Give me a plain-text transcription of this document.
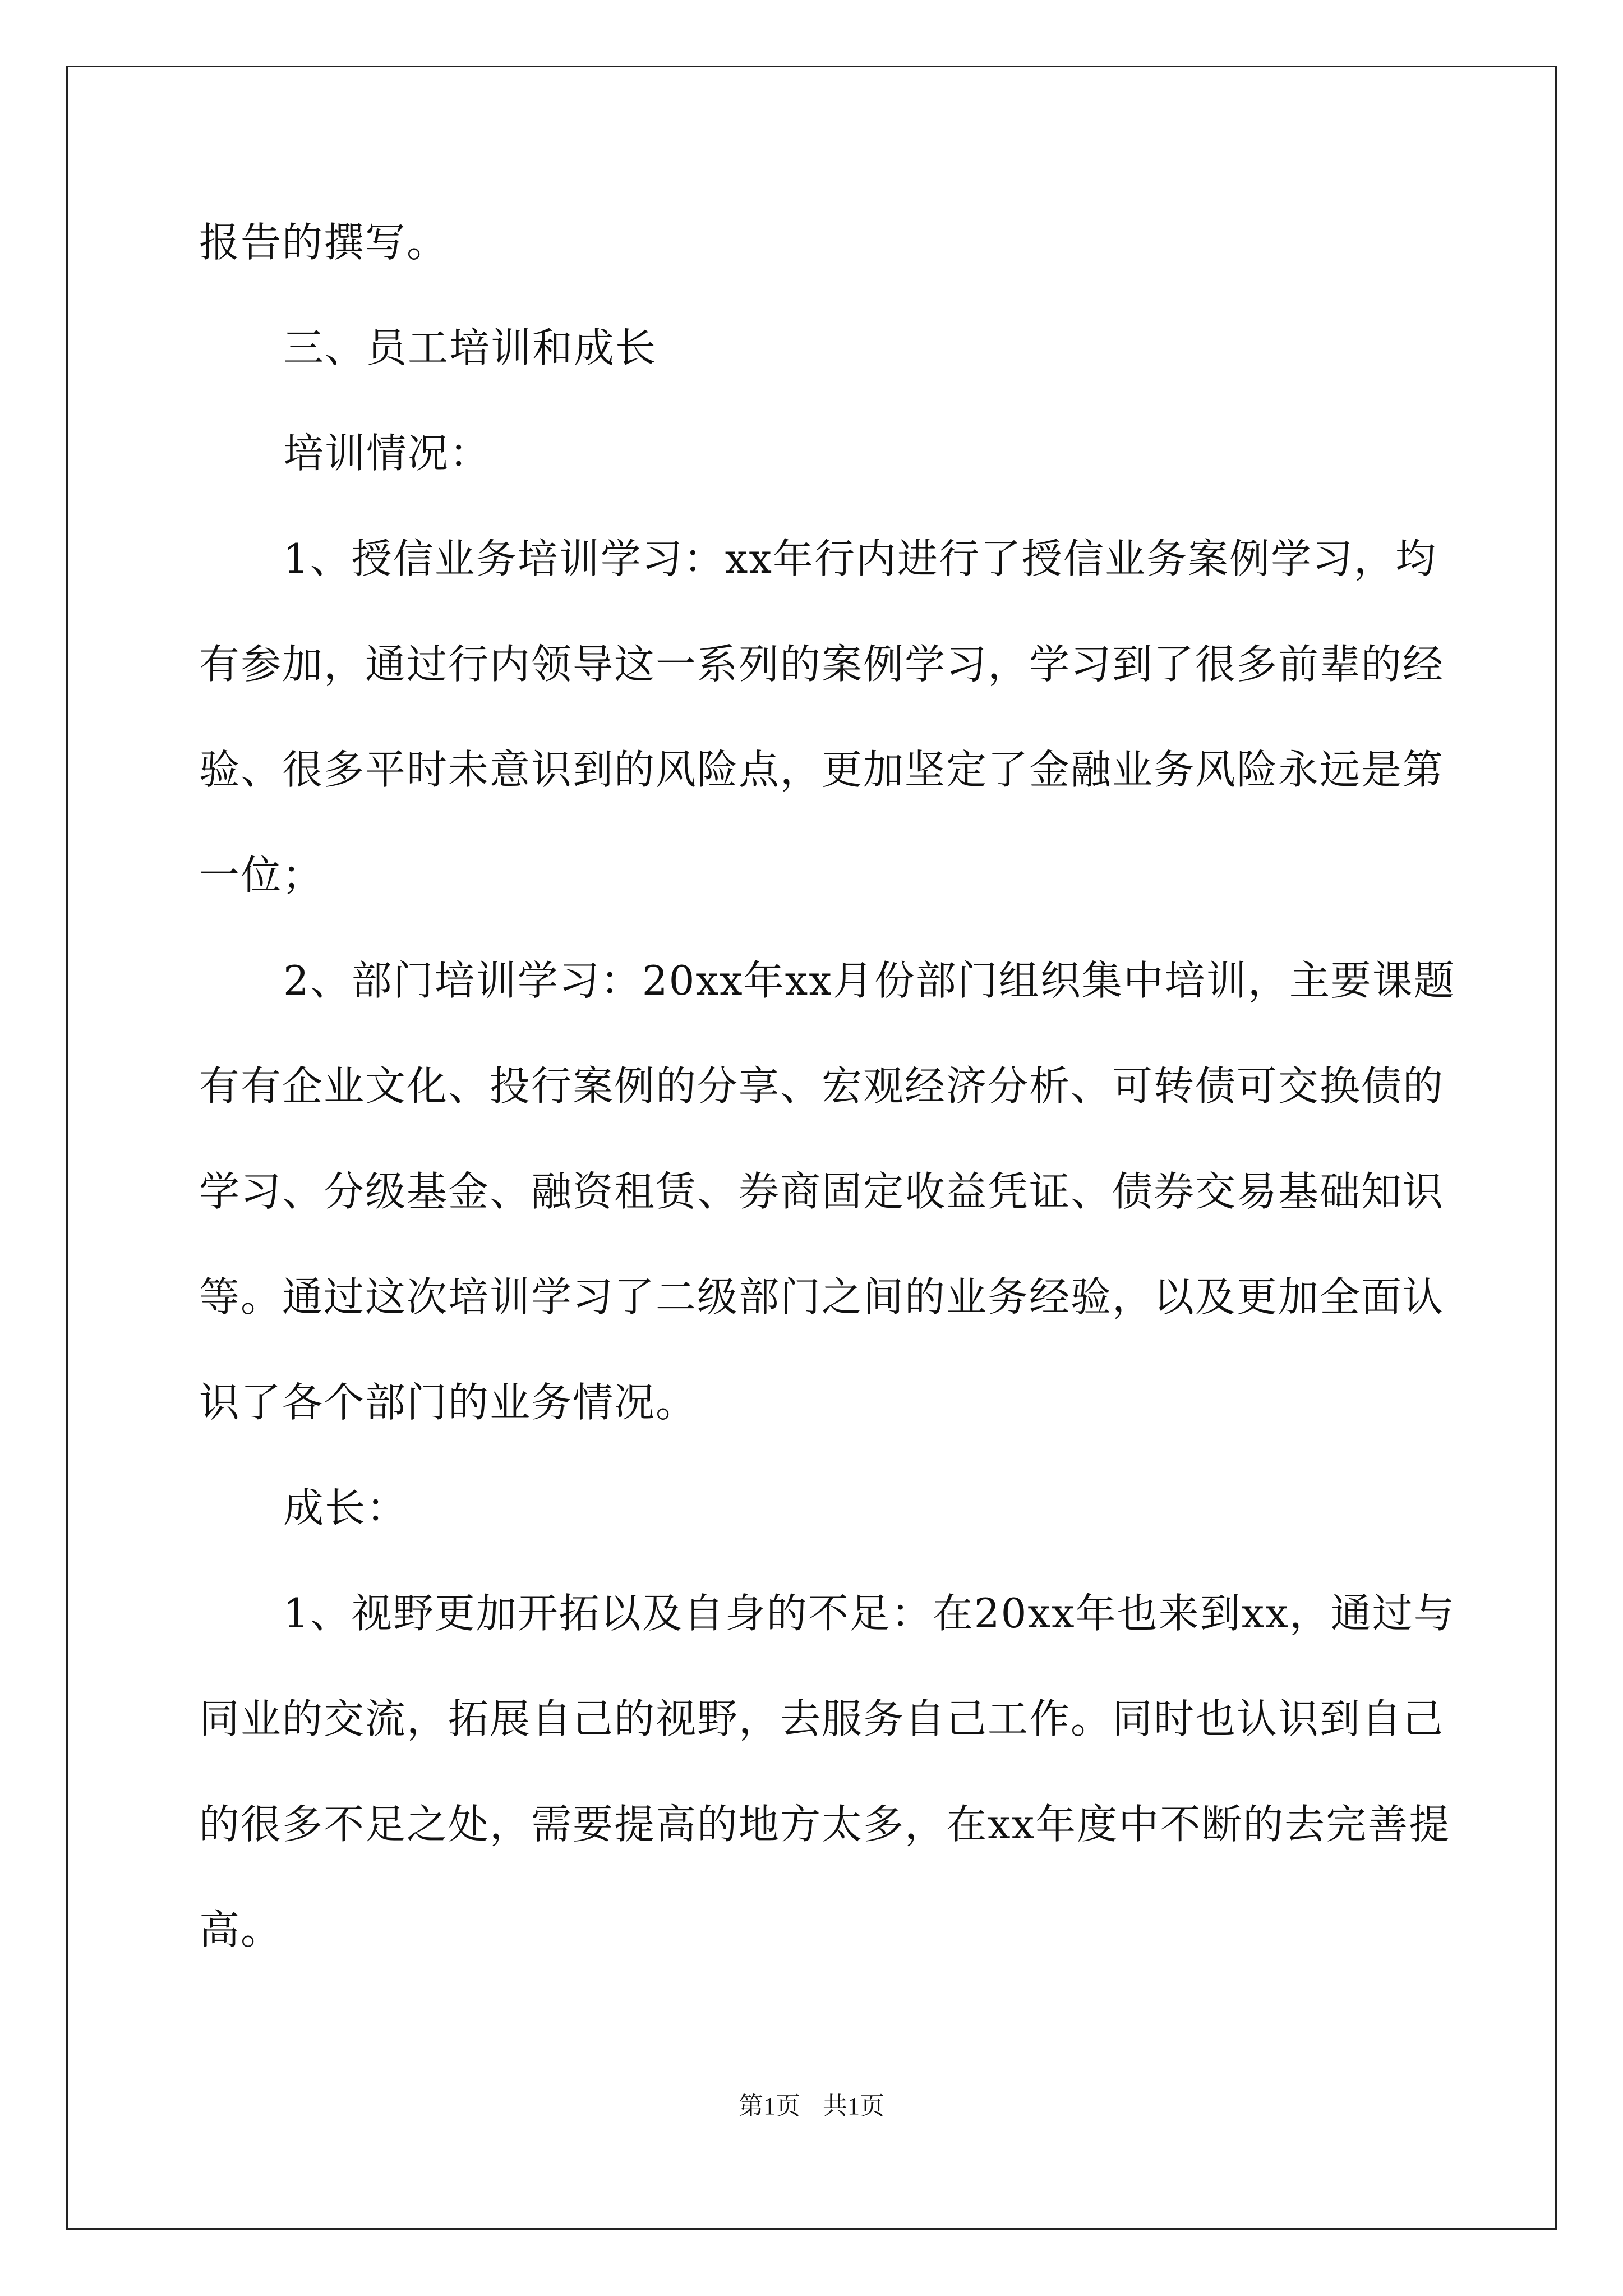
报告的撰写。
三、员工培训和成长
培训情况：
1、授信业务培训学习：xx年行内进行了授信业务案例学习，均
有参加，通过行内领导这一系列的案例学习，学习到了很多前辈的经
验、很多平时未意识到的风险点，更加坚定了金融业务风险永远是第
一位；
2、部门培训学习：20xx年xx月份部门组织集中培训，主要课题
有有企业文化、投行案例的分享、宏观经济分析、可转债可交换债的
学习、分级基金、融资租赁、券商固定收益凭证、债券交易基础知识
等。通过这次培训学习了二级部门之间的业务经验，以及更加全面认
识了各个部门的业务情况。
成长：
1、视野更加开拓以及自身的不足：在20xx年也来到xx，通过与
同业的交流，拓展自己的视野，去服务自己工作。同时也认识到自己
的很多不足之处，需要提高的地方太多，在xx年度中不断的去完善提
高。
第1页 共1页
